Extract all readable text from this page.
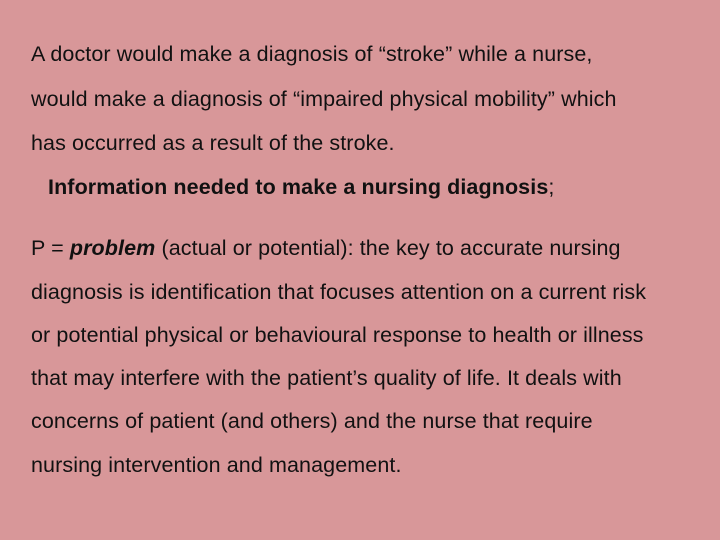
A doctor would make a diagnosis of “stroke” while a nurse,
would make a diagnosis of “impaired physical mobility” which
has occurred as a result of the stroke.
Information needed to make a nursing diagnosis;
P = problem (actual or potential): the key to accurate nursing
diagnosis is identification that focuses attention on a current risk
or potential physical or behavioural response to health or illness
that may interfere with the patient’s quality of life. It deals with
concerns of patient (and others) and the nurse that require
nursing intervention and management.
